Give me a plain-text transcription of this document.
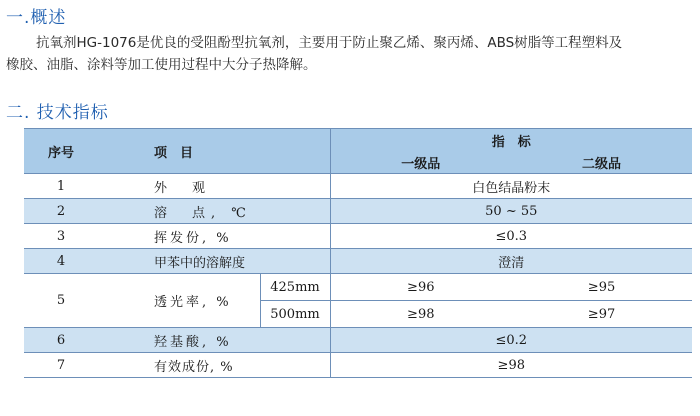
一.概述
抗氧剂HG-1076是优良的受阻酚型抗氧剂，主要用于防止聚乙烯、聚丙烯、ABS树脂等工程塑料及
橡胶、油脂、涂料等加工使用过程中大分子热降解。
二. 技术指标
序号	项　目		指　标	
			一级品	二级品
1	外　观		白色结晶粉末	
2	溶　点, ℃		50 ~ 55	
3	挥发份, %		≤0.3	
4	甲苯中的溶解度		澄清	
5	透光率, %	425mm	≥96	≥95
		500mm	≥98	≥97
6	羟基酸, %		≤0.2	
7	有效成份, %		≥98	
